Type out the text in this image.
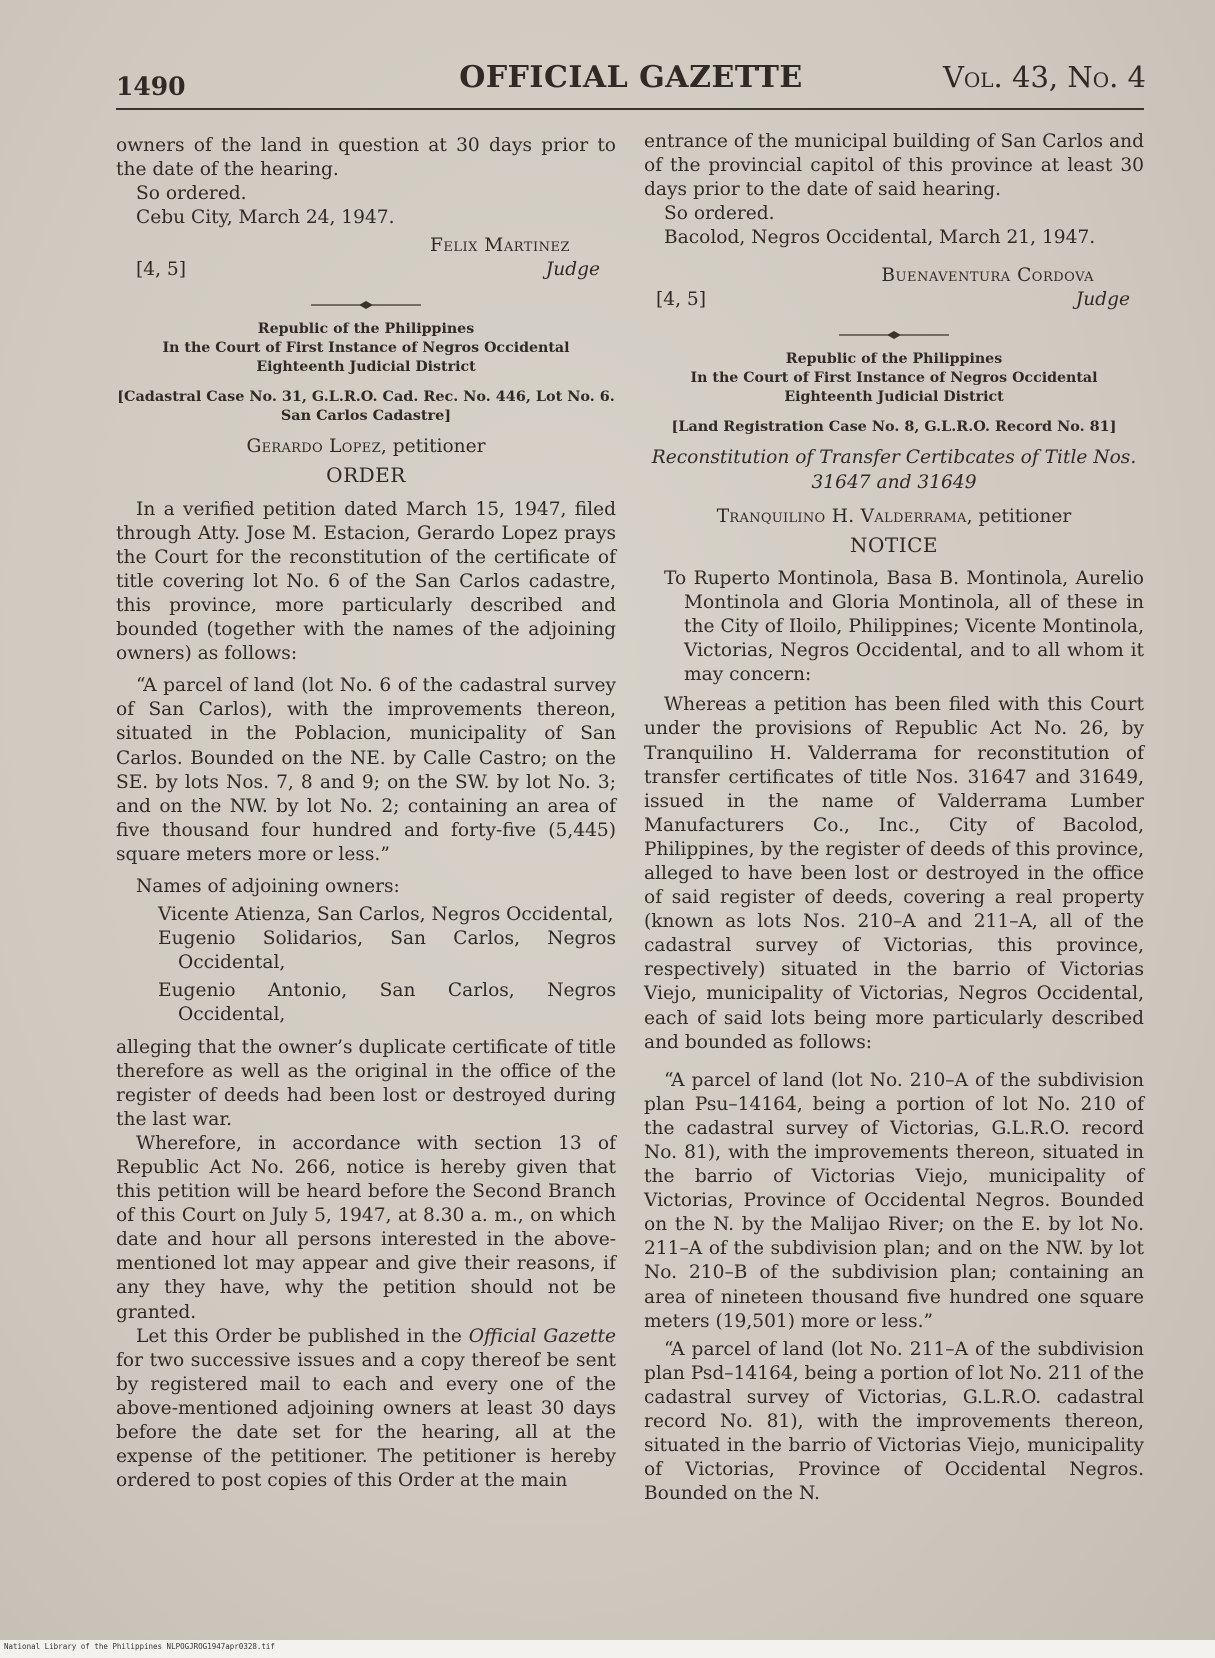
1490	OFFICIAL GAZETTE	Vol. 43, No. 4

owners of the land in question at 30 days prior to the date of the hearing.

So ordered.

Cebu City, March 24, 1947.

Felix Martinez
Judge
[4, 5]
Republic of the Philippines
In the Court of First Instance of Negros Occidental
Eighteenth Judicial District
[Cadastral Case No. 31, G.L.R.O. Cad. Rec. No. 446, Lot No. 6. San Carlos Cadastre]
Gerardo Lopez, petitioner
ORDER

In a verified petition dated March 15, 1947, filed through Atty. Jose M. Estacion, Gerardo Lopez prays the Court for the reconstitution of the certificate of title covering lot No. 6 of the San Carlos cadastre, this province, more particularly described and bounded (together with the names of the adjoining owners) as follows:

“A parcel of land (lot No. 6 of the cadastral survey of San Carlos), with the improvements thereon, situated in the Poblacion, municipality of San Carlos. Bounded on the NE. by Calle Castro; on the SE. by lots Nos. 7, 8 and 9; on the SW. by lot No. 3; and on the NW. by lot No. 2; containing an area of five thousand four hundred and forty-five (5,445) square meters more or less.”

Names of adjoining owners:

Vicente Atienza, San Carlos, Negros Occidental,

Eugenio Solidarios, San Carlos, Negros Occidental,

Eugenio Antonio, San Carlos, Negros Occidental,

alleging that the owner’s duplicate certificate of title therefore as well as the original in the office of the register of deeds had been lost or destroyed during the last war.

Wherefore, in accordance with section 13 of Republic Act No. 266, notice is hereby given that this petition will be heard before the Second Branch of this Court on July 5, 1947, at 8.30 a. m., on which date and hour all persons interested in the above-mentioned lot may appear and give their reasons, if any they have, why the petition should not be granted.

Let this Order be published in the Official Gazette for two successive issues and a copy thereof be sent by registered mail to each and every one of the above-mentioned adjoining owners at least 30 days before the date set for the hearing, all at the expense of the petitioner. The petitioner is hereby ordered to post copies of this Order at the main

entrance of the municipal building of San Carlos and of the provincial capitol of this province at least 30 days prior to the date of said hearing.

So ordered.

Bacolod, Negros Occidental, March 21, 1947.

Buenaventura Cordova
Judge
[4, 5]
Republic of the Philippines
In the Court of First Instance of Negros Occidental
Eighteenth Judicial District
[Land Registration Case No. 8, G.L.R.O. Record No. 81]
Reconstitution of Transfer Certibcates of Title Nos. 31647 and 31649
Tranquilino H. Valderrama, petitioner
NOTICE

To Ruperto Montinola, Basa B. Montinola, Aurelio Montinola and Gloria Montinola, all of these in the City of Iloilo, Philippines; Vicente Montinola, Victorias, Negros Occidental, and to all whom it may concern:

Whereas a petition has been filed with this Court under the provisions of Republic Act No. 26, by Tranquilino H. Valderrama for reconstitution of transfer certificates of title Nos. 31647 and 31649, issued in the name of Valderrama Lumber Manufacturers Co., Inc., City of Bacolod, Philippines, by the register of deeds of this province, alleged to have been lost or destroyed in the office of said register of deeds, covering a real property (known as lots Nos. 210–A and 211–A, all of the cadastral survey of Victorias, this province, respectively) situated in the barrio of Victorias Viejo, municipality of Victorias, Negros Occidental, each of said lots being more particularly described and bounded as follows:

“A parcel of land (lot No. 210–A of the subdivision plan Psu–14164, being a portion of lot No. 210 of the cadastral survey of Victorias, G.L.R.O. record No. 81), with the improvements thereon, situated in the barrio of Victorias Viejo, municipality of Victorias, Province of Occidental Negros. Bounded on the N. by the Malijao River; on the E. by lot No. 211–A of the subdivision plan; and on the NW. by lot No. 210–B of the subdivision plan; containing an area of nineteen thousand five hundred one square meters (19,501) more or less.”

“A parcel of land (lot No. 211–A of the subdivision plan Psd–14164, being a portion of lot No. 211 of the cadastral survey of Victorias, G.L.R.O. cadastral record No. 81), with the improvements thereon, situated in the barrio of Victorias Viejo, municipality of Victorias, Province of Occidental Negros. Bounded on the N.

National Library of the Philippines NLPOGJROG1947apr0328.tif
